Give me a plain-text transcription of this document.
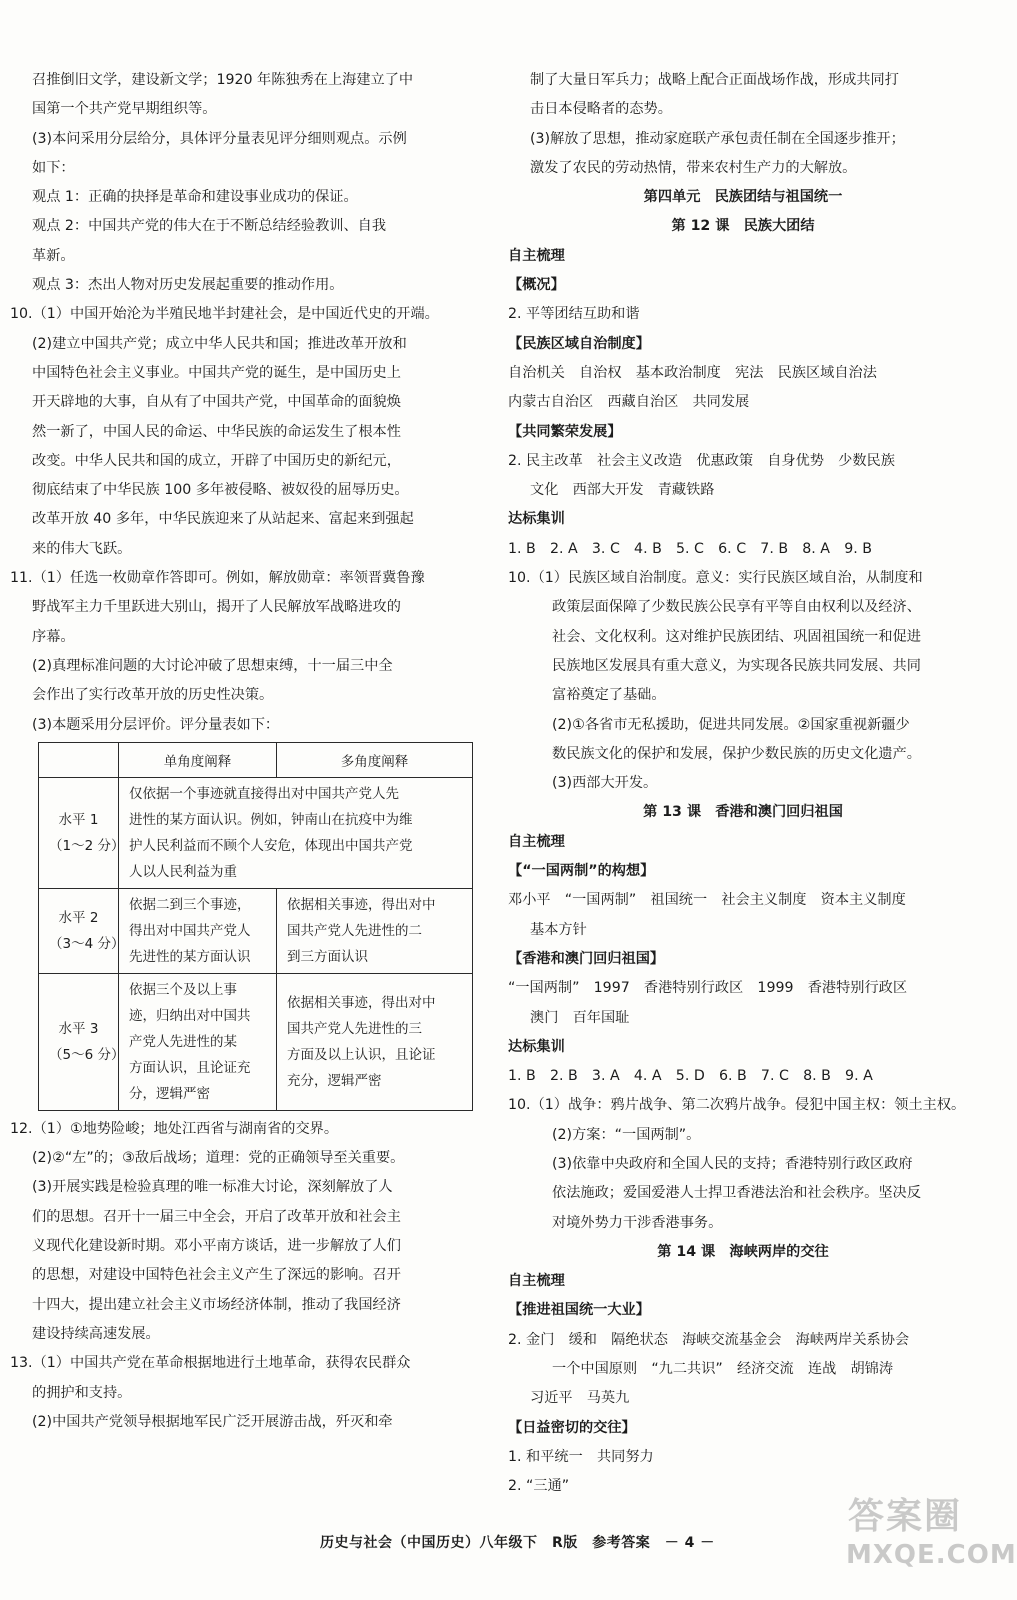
召推倒旧文学，建设新文学；1920 年陈独秀在上海建立了中
国第一个共产党早期组织等。
(3)本问采用分层给分，具体评分量表见评分细则观点。示例
如下：
观点 1：正确的抉择是革命和建设事业成功的保证。
观点 2：中国共产党的伟大在于不断总结经验教训、自我
革新。
观点 3：杰出人物对历史发展起重要的推动作用。
10.（1）中国开始沦为半殖民地半封建社会，是中国近代史的开端。
(2)建立中国共产党；成立中华人民共和国；推进改革开放和
中国特色社会主义事业。中国共产党的诞生，是中国历史上
开天辟地的大事，自从有了中国共产党，中国革命的面貌焕
然一新了，中国人民的命运、中华民族的命运发生了根本性
改变。中华人民共和国的成立，开辟了中国历史的新纪元，
彻底结束了中华民族 100 多年被侵略、被奴役的屈辱历史。
改革开放 40 多年，中华民族迎来了从站起来、富起来到强起
来的伟大飞跃。
11.（1）任选一枚勋章作答即可。例如，解放勋章：率领晋冀鲁豫
野战军主力千里跃进大别山，揭开了人民解放军战略进攻的
序幕。
(2)真理标准问题的大讨论冲破了思想束缚，十一届三中全
会作出了实行改革开放的历史性决策。
(3)本题采用分层评价。评分量表如下：
	单角度阐释	多角度阐释

水平 1
（1～2 分）	仅依据一个事迹就直接得出对中国共产党人先
进性的某方面认识。例如，钟南山在抗疫中为维
护人民利益而不顾个人安危，体现出中国共产党
人以人民利益为重	

水平 2
（3～4 分）	依据二到三个事迹，
得出对中国共产党人
先进性的某方面认识	依据相关事迹，得出对中
国共产党人先进性的二
到三方面认识

水平 3
（5～6 分）	依据三个及以上事
迹，归纳出对中国共
产党人先进性的某
方面认识，且论证充
分，逻辑严密	依据相关事迹，得出对中
国共产党人先进性的三
方面及以上认识，且论证
充分，逻辑严密
12.（1）①地势险峻；地处江西省与湖南省的交界。
(2)②“左”的；③敌后战场；道理：党的正确领导至关重要。
(3)开展实践是检验真理的唯一标准大讨论，深刻解放了人
们的思想。召开十一届三中全会，开启了改革开放和社会主
义现代化建设新时期。邓小平南方谈话，进一步解放了人们
的思想，对建设中国特色社会主义产生了深远的影响。召开
十四大，提出建立社会主义市场经济体制，推动了我国经济
建设持续高速发展。
13.（1）中国共产党在革命根据地进行土地革命，获得农民群众
的拥护和支持。
(2)中国共产党领导根据地军民广泛开展游击战，歼灭和牵
制了大量日军兵力；战略上配合正面战场作战，形成共同打
击日本侵略者的态势。
(3)解放了思想，推动家庭联产承包责任制在全国逐步推开；
激发了农民的劳动热情，带来农村生产力的大解放。
第四单元　民族团结与祖国统一
第 12 课　民族大团结
自主梳理
【概况】
2. 平等团结互助和谐
【民族区域自治制度】
自治机关　自治权　基本政治制度　宪法　民族区域自治法
内蒙古自治区　西藏自治区　共同发展
【共同繁荣发展】
2. 民主改革　社会主义改造　优惠政策　自身优势　少数民族
文化　西部大开发　青藏铁路
达标集训
1. B　2. A　3. C　4. B　5. C　6. C　7. B　8. A　9. B
10.（1）民族区域自治制度。意义：实行民族区域自治，从制度和
政策层面保障了少数民族公民享有平等自由权利以及经济、
社会、文化权利。这对维护民族团结、巩固祖国统一和促进
民族地区发展具有重大意义，为实现各民族共同发展、共同
富裕奠定了基础。
(2)①各省市无私援助，促进共同发展。②国家重视新疆少
数民族文化的保护和发展，保护少数民族的历史文化遗产。
(3)西部大开发。
第 13 课　香港和澳门回归祖国
自主梳理
【“一国两制”的构想】
邓小平　“一国两制”　祖国统一　社会主义制度　资本主义制度
基本方针
【香港和澳门回归祖国】
“一国两制”　1997　香港特别行政区　1999　香港特别行政区
澳门　百年国耻
达标集训
1. B　2. B　3. A　4. A　5. D　6. B　7. C　8. B　9. A
10.（1）战争：鸦片战争、第二次鸦片战争。侵犯中国主权：领土主权。
(2)方案：“一国两制”。
(3)依靠中央政府和全国人民的支持；香港特别行政区政府
依法施政；爱国爱港人士捍卫香港法治和社会秩序。坚决反
对境外势力干涉香港事务。
第 14 课　海峡两岸的交往
自主梳理
【推进祖国统一大业】
2. 金门　缓和　隔绝状态　海峡交流基金会　海峡两岸关系协会
一个中国原则　“九二共识”　经济交流　连战　胡锦涛
习近平　马英九
【日益密切的交往】
1. 和平统一　共同努力
2. “三通”
历史与社会（中国历史）八年级下　R版　参考答案　－ 4 －
答案圈
MXQE.COM
